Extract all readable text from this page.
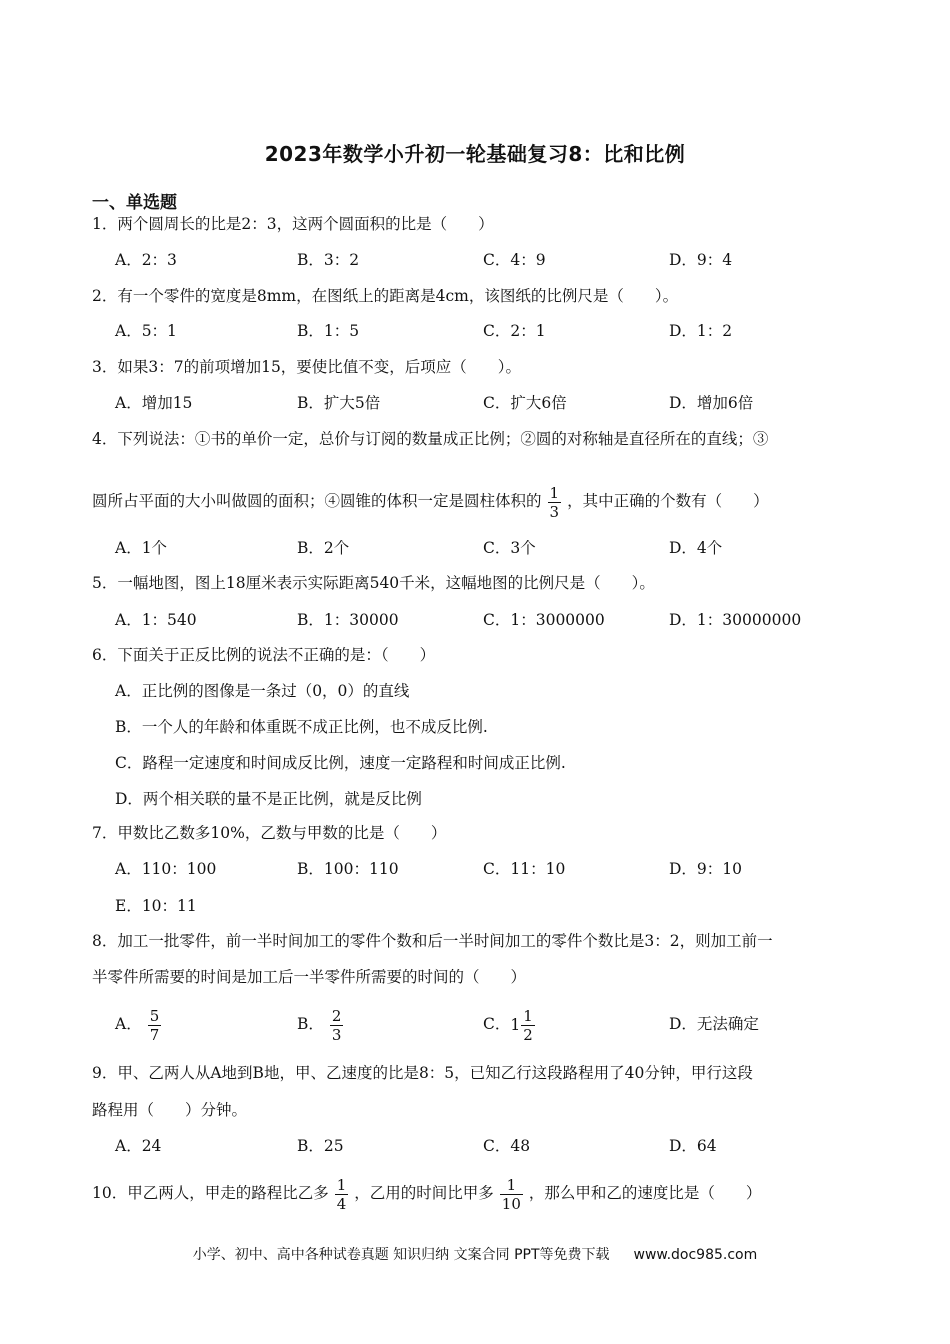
2023年数学小升初一轮基础复习8：比和比例
一、单选题
1．两个圆周长的比是2：3，这两个圆面积的比是（　　）
A．2：3	B．3：2	C．4：9	D．9：4
2．有一个零件的宽度是8mm，在图纸上的距离是4cm，该图纸的比例尺是（　　）。
A．5：1	B．1：5	C．2：1	D．1：2
3．如果3：7的前项增加15，要使比值不变，后项应（　　）。
A．增加15	B．扩大5倍	C．扩大6倍	D．增加6倍
4．下列说法：①书的单价一定，总价与订阅的数量成正比例；②圆的对称轴是直径所在的直线；③
圆所占平面的大小叫做圆的面积；④圆锥的体积一定是圆柱体积的 $\frac{1}{3}$ ，其中正确的个数有（　　）
A．1个	B．2个	C．3个	D．4个
5．一幅地图，图上18厘米表示实际距离540千米，这幅地图的比例尺是（　　）。
A．1：540	B．1：30000	C．1：3000000	D．1：30000000
6．下面关于正反比例的说法不正确的是：（　　）
A．正比例的图像是一条过（0，0）的直线
B．一个人的年龄和体重既不成正比例，也不成反比例.
C．路程一定速度和时间成反比例，速度一定路程和时间成正比例.
D．两个相关联的量不是正比例，就是反比例
7．甲数比乙数多10%，乙数与甲数的比是（　　）
A．110：100	B．100：110	C．11：10	D．9：10
E．10：11
8．加工一批零件，前一半时间加工的零件个数和后一半时间加工的零件个数比是3：2，则加工前一
半零件所需要的时间是加工后一半零件所需要的时间的（　　）
A． $\frac{5}{7}$	B． $\frac{2}{3}$	C． $1 \frac{1}{2}$	D．无法确定
9．甲、乙两人从A地到B地，甲、乙速度的比是8：5，已知乙行这段路程用了40分钟，甲行这段
路程用（　　）分钟。
A．24	B．25	C．48	D．64
10．甲乙两人，甲走的路程比乙多 $\frac{1}{4}$ ，乙用的时间比甲多 $\frac{1}{10}$ ，那么甲和乙的速度比是（　　）
小学、初中、高中各种试卷真题 知识归纳 文案合同 PPT等免费下载 www.doc985.com
